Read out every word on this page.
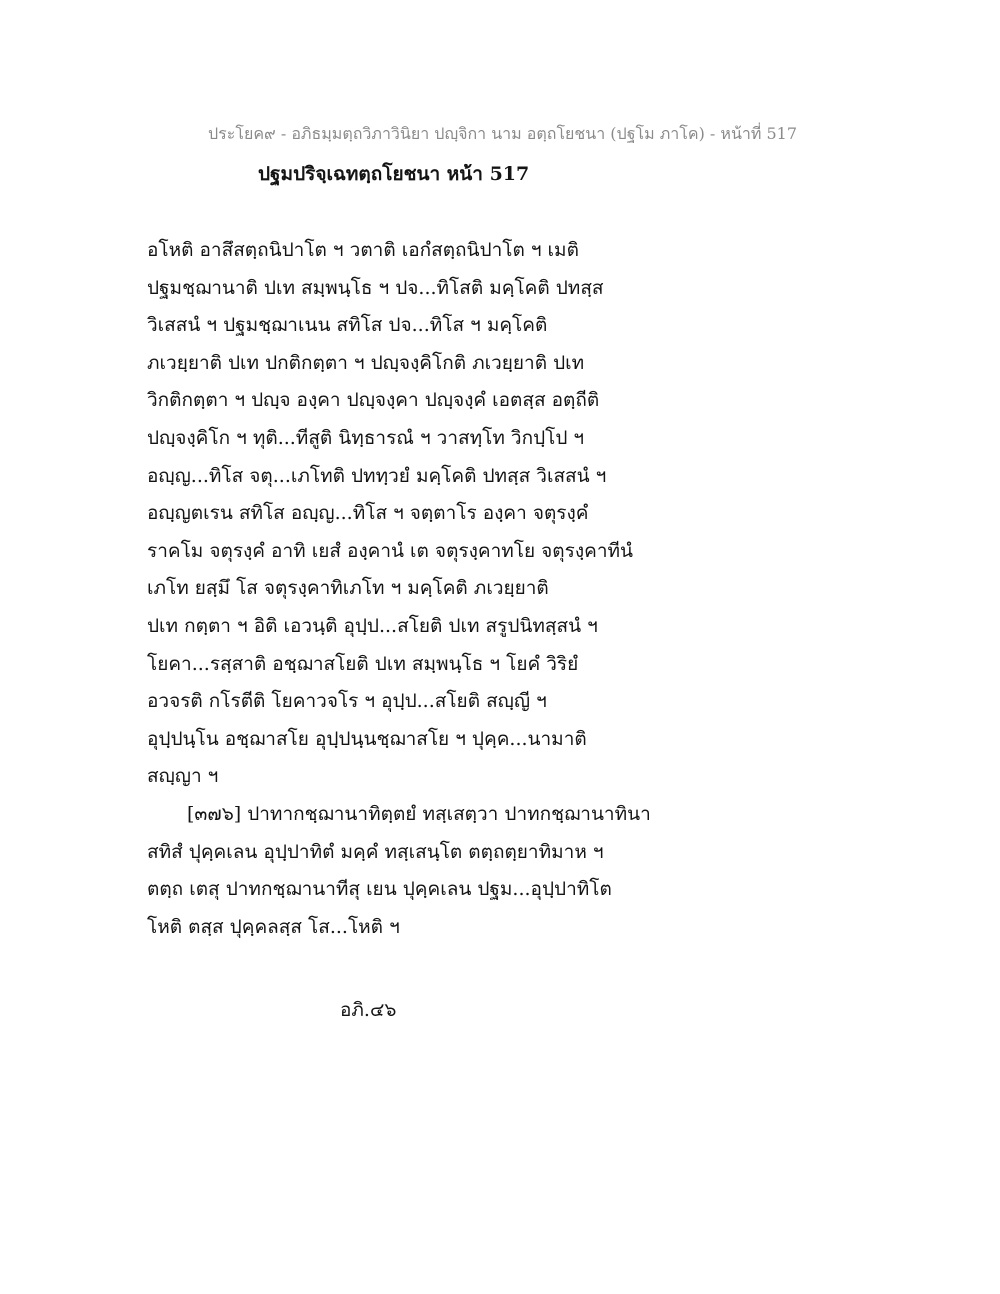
ประโยค๙ - อภิธมฺมตฺถวิภาวินิยา ปญฺจิกา นาม อตฺถโยชนา (ปฐโม ภาโค) - หน้าที่ 517
ปฐมปริจฺเฉทตฺถโยชนา หน้า 517
อโหติ อาสึสตฺถนิปาโต ฯ วตาติ เอกํสตฺถนิปาโต ฯ เมติ
ปฐมชฺฌานาติ ปเท สมฺพนฺโธ ฯ ปจ...ทิโสติ มคฺโคติ ปทสฺส
วิเสสนํ ฯ ปฐมชฺฌาเนน สทิโส ปจ...ทิโส ฯ มคฺโคติ
ภเวยฺยาติ ปเท ปกติกตฺตา ฯ ปญฺจงฺคิโกติ ภเวยฺยาติ ปเท
วิกติกตฺตา ฯ ปญฺจ องฺคา ปญฺจงฺคา ปญฺจงฺคํ เอตสฺส อตฺถีติ
ปญฺจงฺคิโก ฯ ทุติ...ทีสูติ นิทฺธารณํ ฯ วาสทฺโท วิกปฺโป ฯ
อญฺญ...ทิโส จตุ...เภโทติ ปททฺวยํ มคฺโคติ ปทสฺส วิเสสนํ ฯ
อญฺญตเรน สทิโส อญฺญ...ทิโส ฯ จตฺตาโร องฺคา จตุรงฺคํ
ราคโม จตุรงฺคํ อาทิ เยสํ องฺคานํ เต จตุรงฺคาทโย จตุรงฺคาทีนํ
เภโท ยสฺมึ โส จตุรงฺคาทิเภโท ฯ มคฺโคติ ภเวยฺยาติ
ปเท กตฺตา ฯ อิติ เอวนฺติ อุปฺป...สโยติ ปเท สรูปนิทสฺสนํ ฯ
โยคา...รสฺสาติ อชฺฌาสโยติ ปเท สมฺพนฺโธ ฯ โยคํ วิริยํ
อวจรติ กโรตีติ โยคาวจโร ฯ อุปฺป...สโยติ สญฺญี ฯ
อุปฺปนฺโน อชฺฌาสโย อุปฺปนฺนชฺฌาสโย ฯ ปุคฺค...นามาติ
สญฺญา ฯ
[๓๗๖] ปาทากชฺฌานาทิตฺตยํ ทสฺเสตฺวา ปาทกชฺฌานาทินา
สทิสํ ปุคฺคเลน อุปฺปาทิตํ มคฺคํ ทสฺเสนฺโต ตตฺถตฺยาทิมาห ฯ
ตตฺถ เตสุ ปาทกชฺฌานาทีสุ เยน ปุคฺคเลน ปฐม...อุปฺปาทิโต
โหติ ตสฺส ปุคฺคลสฺส โส...โหติ ฯ
อภิ.๔๖
